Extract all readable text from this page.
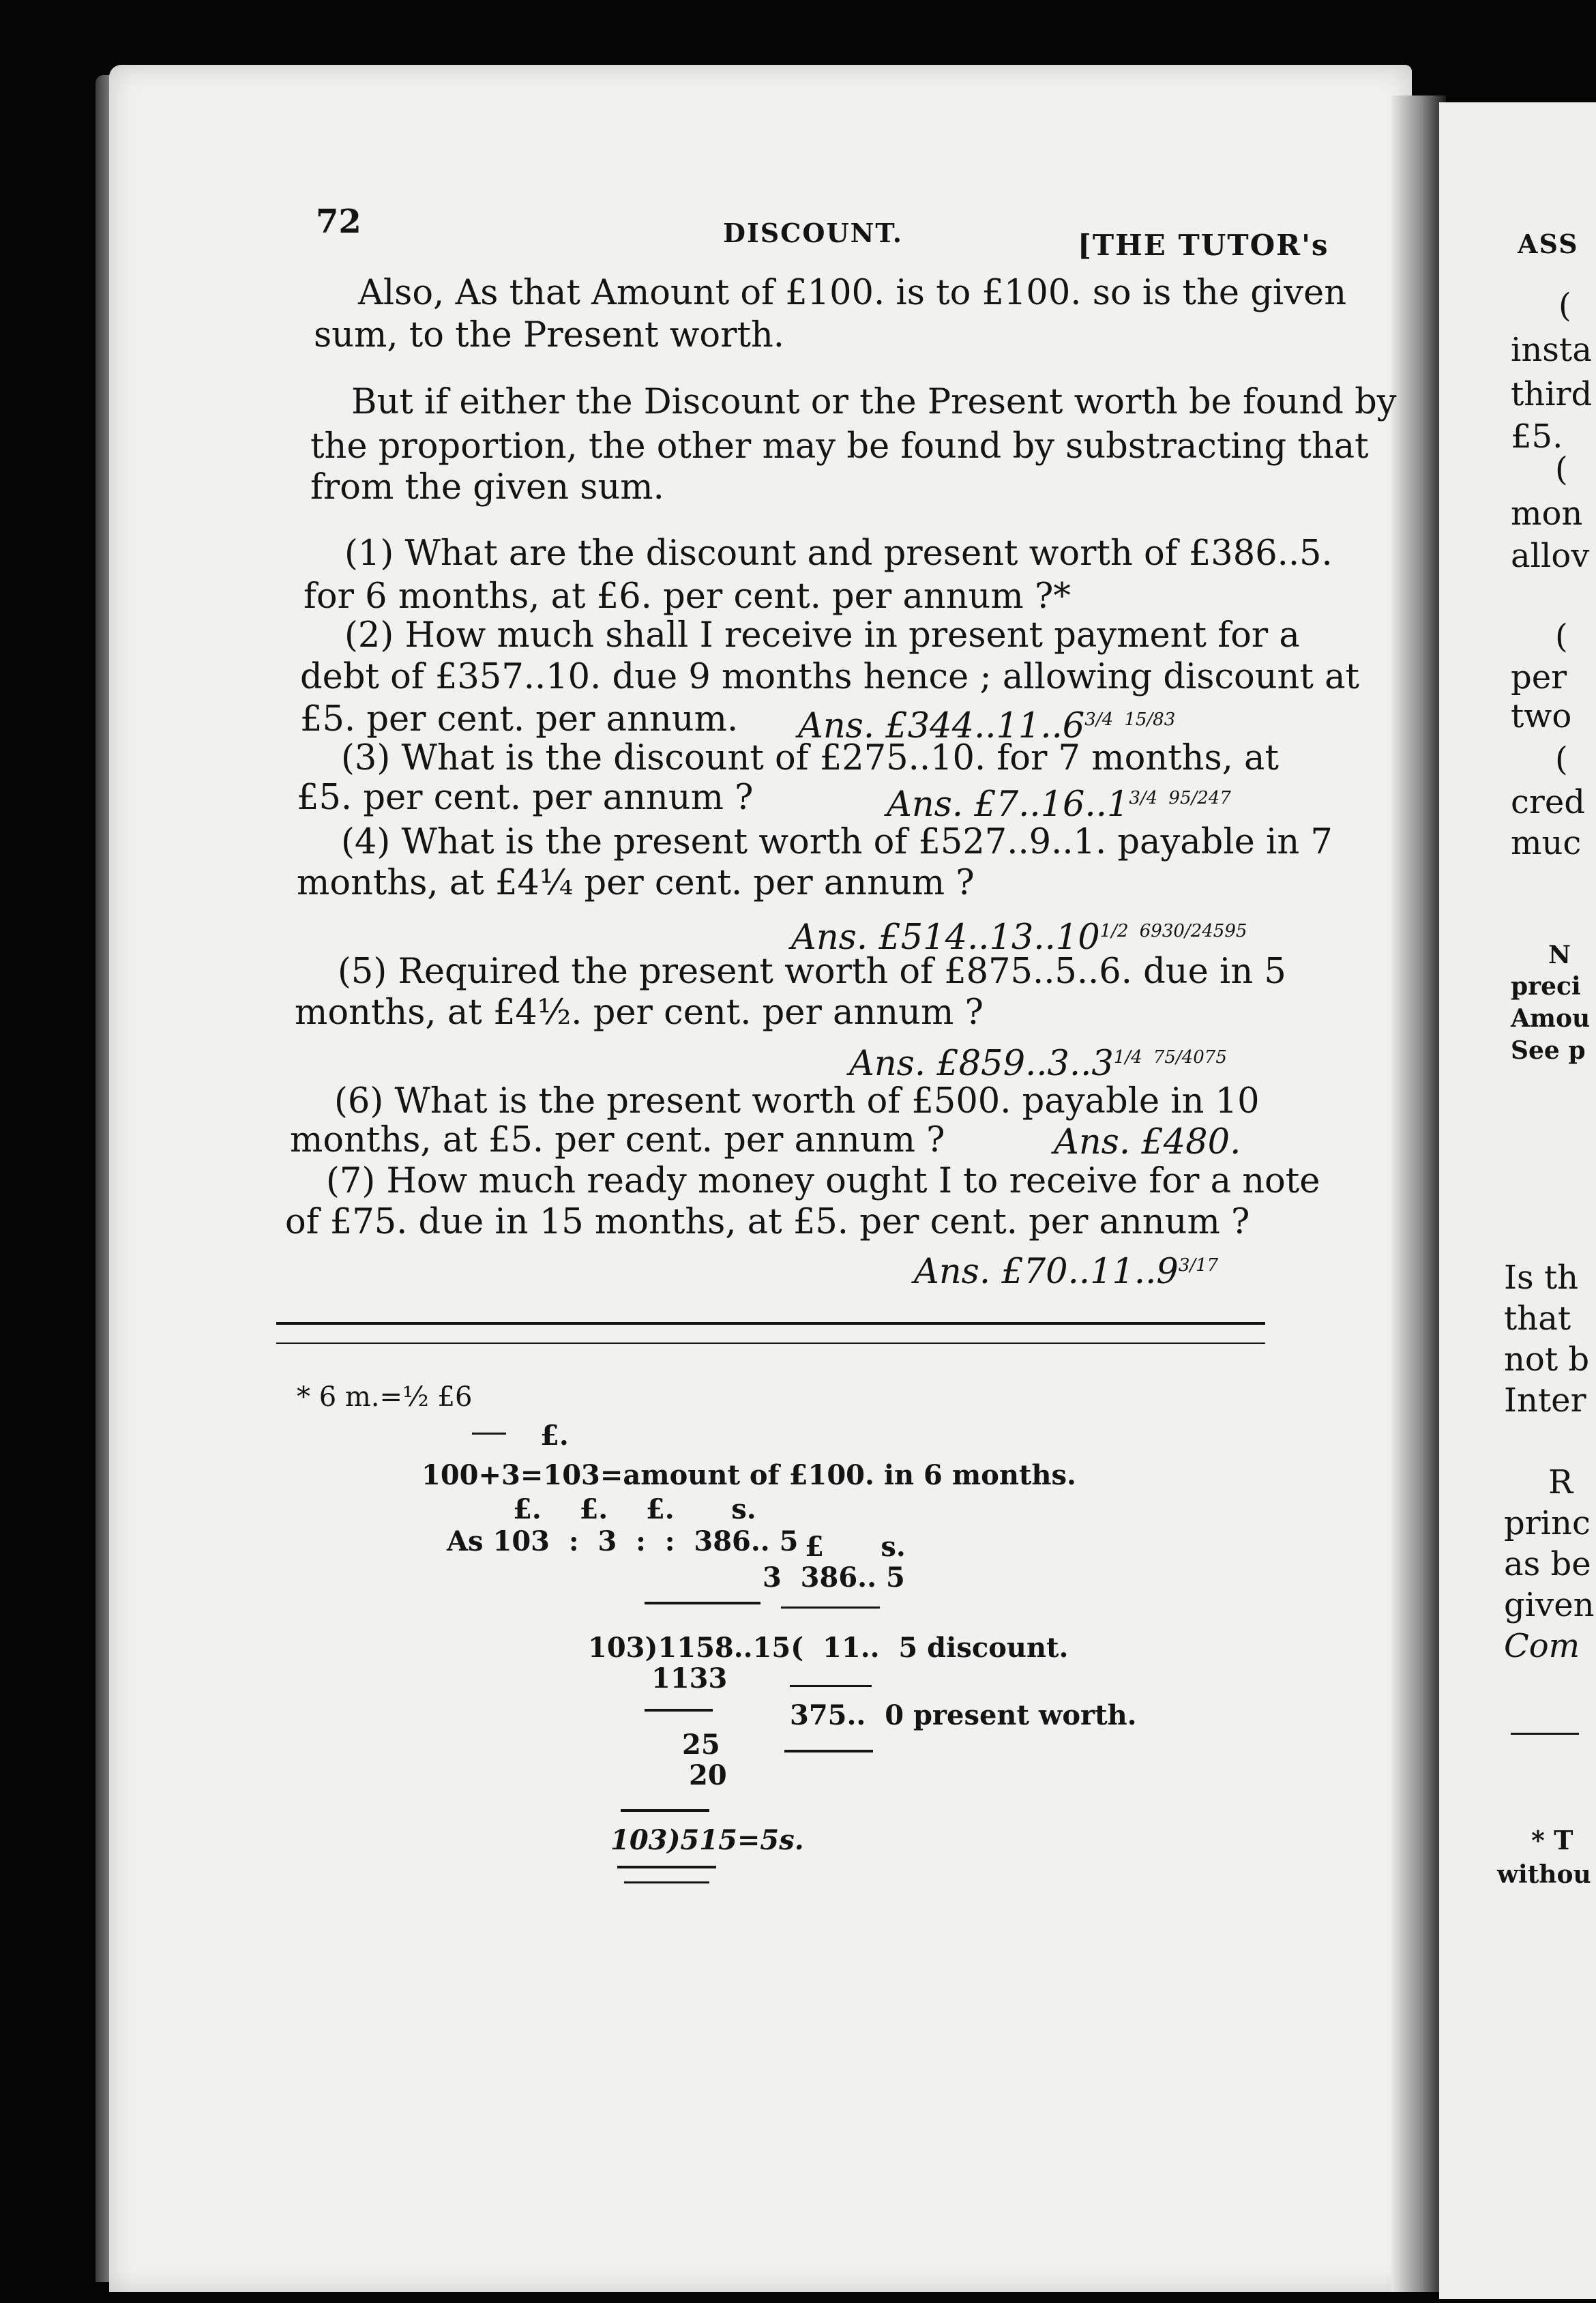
72	DISCOUNT.	[THE TUTOR's
Also, As that Amount of £100. is to £100. so is the given
sum, to the Present worth.
But if either the Discount or the Present worth be found by
the proportion, the other may be found by substracting that
from the given sum.
(1) What are the discount and present worth of £386..5.
for 6 months, at £6. per cent. per annum ?*
(2) How much shall I receive in present payment for a
debt of £357..10. due 9 months hence ; allowing discount at
£5. per cent. per annum. Ans. $£344..11..6^{3/4}$ $^{15/83}$
(3) What is the discount of £275..10. for 7 months, at
£5. per cent. per annum ?	Ans. $£7..16..1^{3/4}$ $^{95/247}$
(4) What is the present worth of £527..9..1. payable in 7
months, at £4¼ per cent. per annum ?
Ans. $£514..13..10^{1/2}$ $^{6930/24595}$
(5) Required the present worth of £875..5..6. due in 5
months, at £4½. per cent. per annum ?
Ans. $£859..3..3^{1/4}$ $^{75/4075}$
(6) What is the present worth of £500. payable in 10
months, at £5. per cent. per annum ?	Ans. £480.
(7) How much ready money ought I to receive for a note
of £75. due in 15 months, at £5. per cent. per annum ?
Ans. $£70..11..9^{3/17}$
* 6 m.=½ £6
£.
100+3=103=amount of £100. in 6 months.
£.    £.    £.      s.
As 103  :  3  :  :  386.. 5 £      s.
3  386.. 5
103)1158..15(  11..  5 discount.
1133
375..  0 present worth.
25
20
103)515=5s.
ASS
(
insta
third
£5.
(
mon
allov
(
per
two
(
cred
muc
N
preci
Amou
See p
Is th
that
not b
Inter
R
princ
as be
given
Com
* T
withou
